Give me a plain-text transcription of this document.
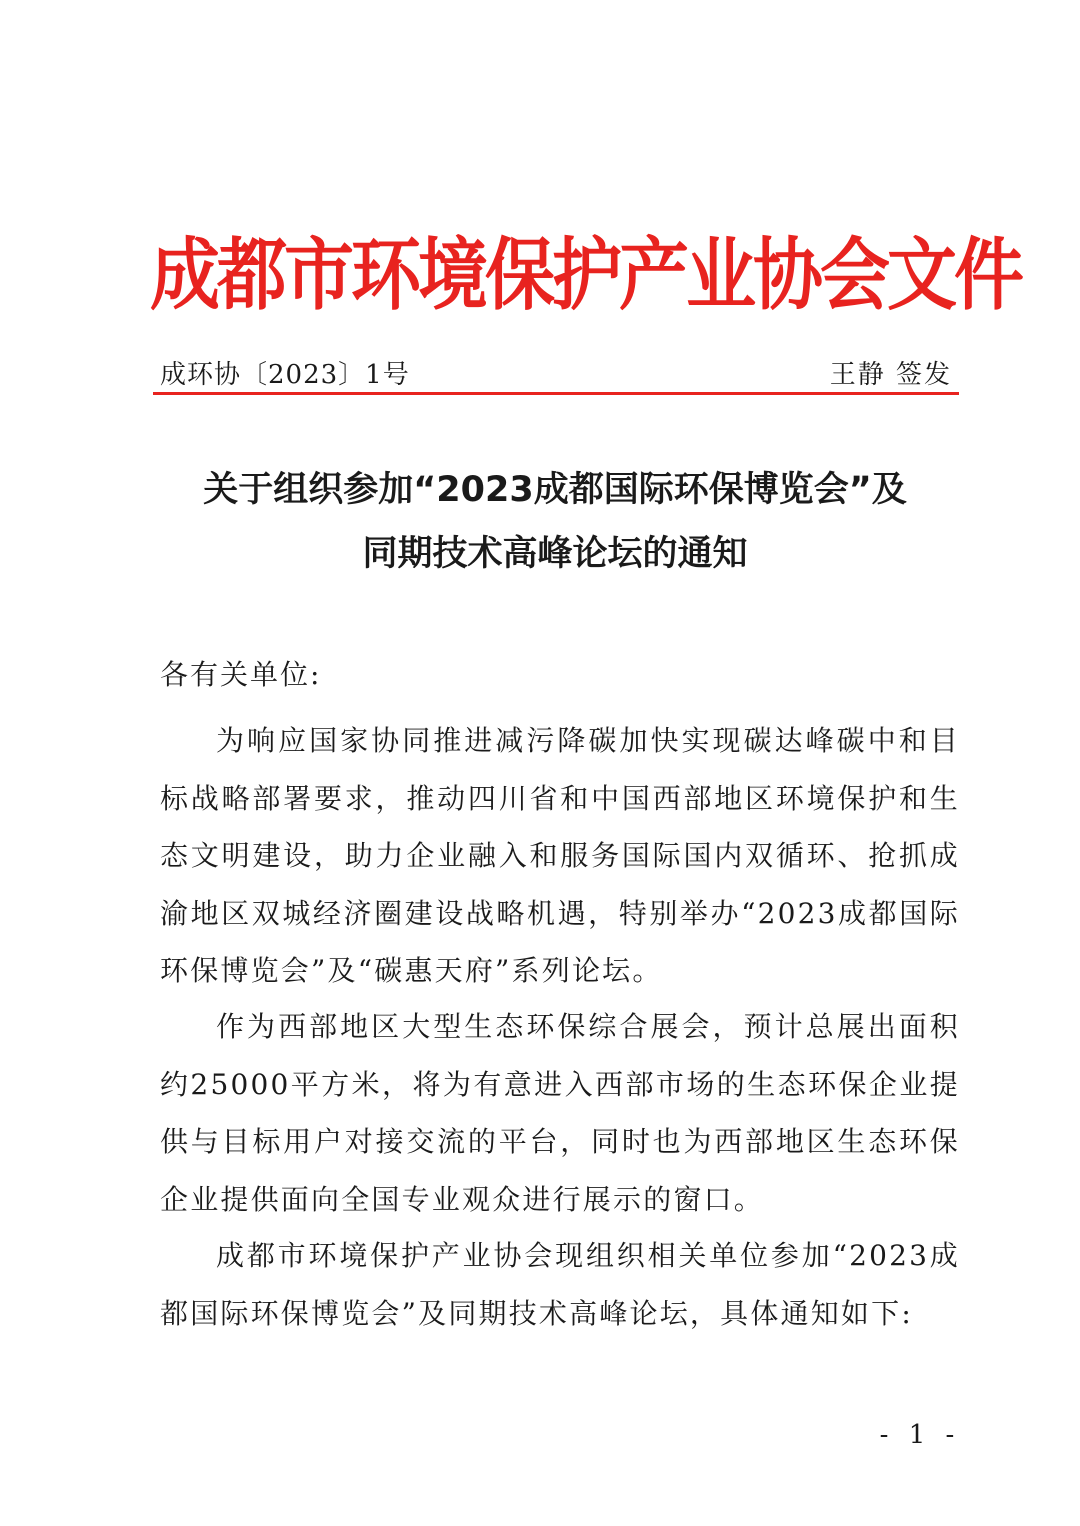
成都市环境保护产业协会文件
成环协〔2023〕1号	王静 签发
关于组织参加“2023成都国际环保博览会”及
同期技术高峰论坛的通知
各有关单位:

为响应国家协同推进减污降碳加快实现碳达峰碳中和目标战略部署要求，推动四川省和中国西部地区环境保护和生态文明建设，助力企业融入和服务国际国内双循环、抢抓成渝地区双城经济圈建设战略机遇，特别举办“2023成都国际环保博览会”及“碳惠天府”系列论坛。

作为西部地区大型生态环保综合展会，预计总展出面积约25000平方米，将为有意进入西部市场的生态环保企业提供与目标用户对接交流的平台，同时也为西部地区生态环保企业提供面向全国专业观众进行展示的窗口。

成都市环境保护产业协会现组织相关单位参加“2023成都国际环保博览会”及同期技术高峰论坛，具体通知如下:

- 1 -
